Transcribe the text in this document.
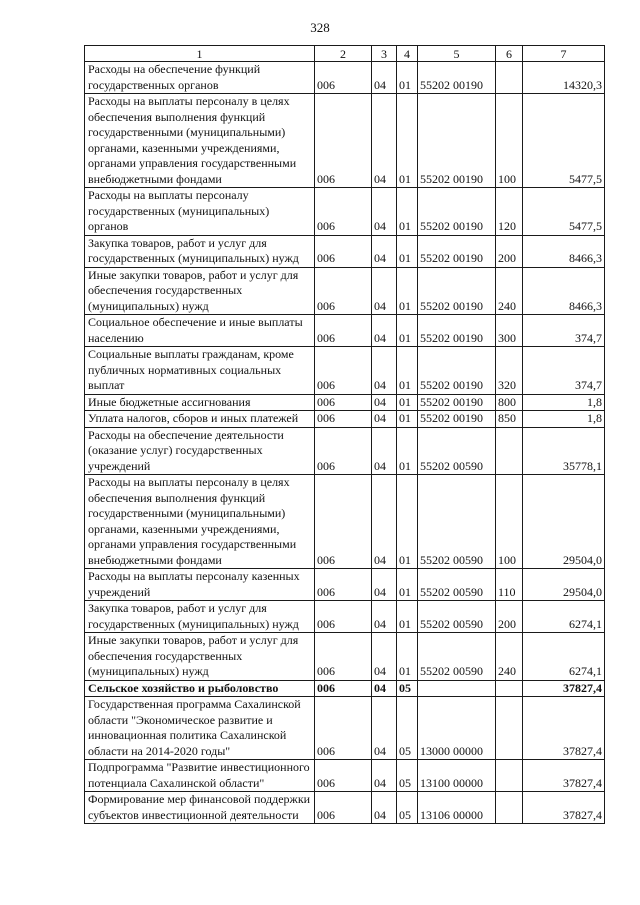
328
1	2	3	4	5	6	7
Расходы на обеспечение функций государственных органов	006	04	01	55202 00190		14320,3
Расходы на выплаты персоналу в целях обеспечения выполнения функций государственными (муниципальными) органами, казенными учреждениями, органами управления государственными внебюджетными фондами	006	04	01	55202 00190	100	5477,5
Расходы на выплаты персоналу государственных (муниципальных) органов	006	04	01	55202 00190	120	5477,5
Закупка товаров, работ и услуг для государственных (муниципальных) нужд	006	04	01	55202 00190	200	8466,3
Иные закупки товаров, работ и услуг для обеспечения государственных (муниципальных) нужд	006	04	01	55202 00190	240	8466,3
Социальное обеспечение и иные выплаты населению	006	04	01	55202 00190	300	374,7
Социальные выплаты гражданам, кроме публичных нормативных социальных выплат	006	04	01	55202 00190	320	374,7
Иные бюджетные ассигнования	006	04	01	55202 00190	800	1,8
Уплата налогов, сборов и иных платежей	006	04	01	55202 00190	850	1,8
Расходы на обеспечение деятельности (оказание услуг) государственных учреждений	006	04	01	55202 00590		35778,1
Расходы на выплаты персоналу в целях обеспечения выполнения функций государственными (муниципальными) органами, казенными учреждениями, органами управления государственными внебюджетными фондами	006	04	01	55202 00590	100	29504,0
Расходы на выплаты персоналу казенных учреждений	006	04	01	55202 00590	110	29504,0
Закупка товаров, работ и услуг для государственных (муниципальных) нужд	006	04	01	55202 00590	200	6274,1
Иные закупки товаров, работ и услуг для обеспечения государственных (муниципальных) нужд	006	04	01	55202 00590	240	6274,1
Сельское хозяйство и рыболовство	006	04	05			37827,4
Государственная программа Сахалинской области "Экономическое развитие и инновационная политика Сахалинской области на 2014-2020 годы"	006	04	05	13000 00000		37827,4
Подпрограмма "Развитие инвестиционного потенциала Сахалинской области"	006	04	05	13100 00000		37827,4
Формирование мер финансовой поддержки субъектов инвестиционной деятельности	006	04	05	13106 00000		37827,4
